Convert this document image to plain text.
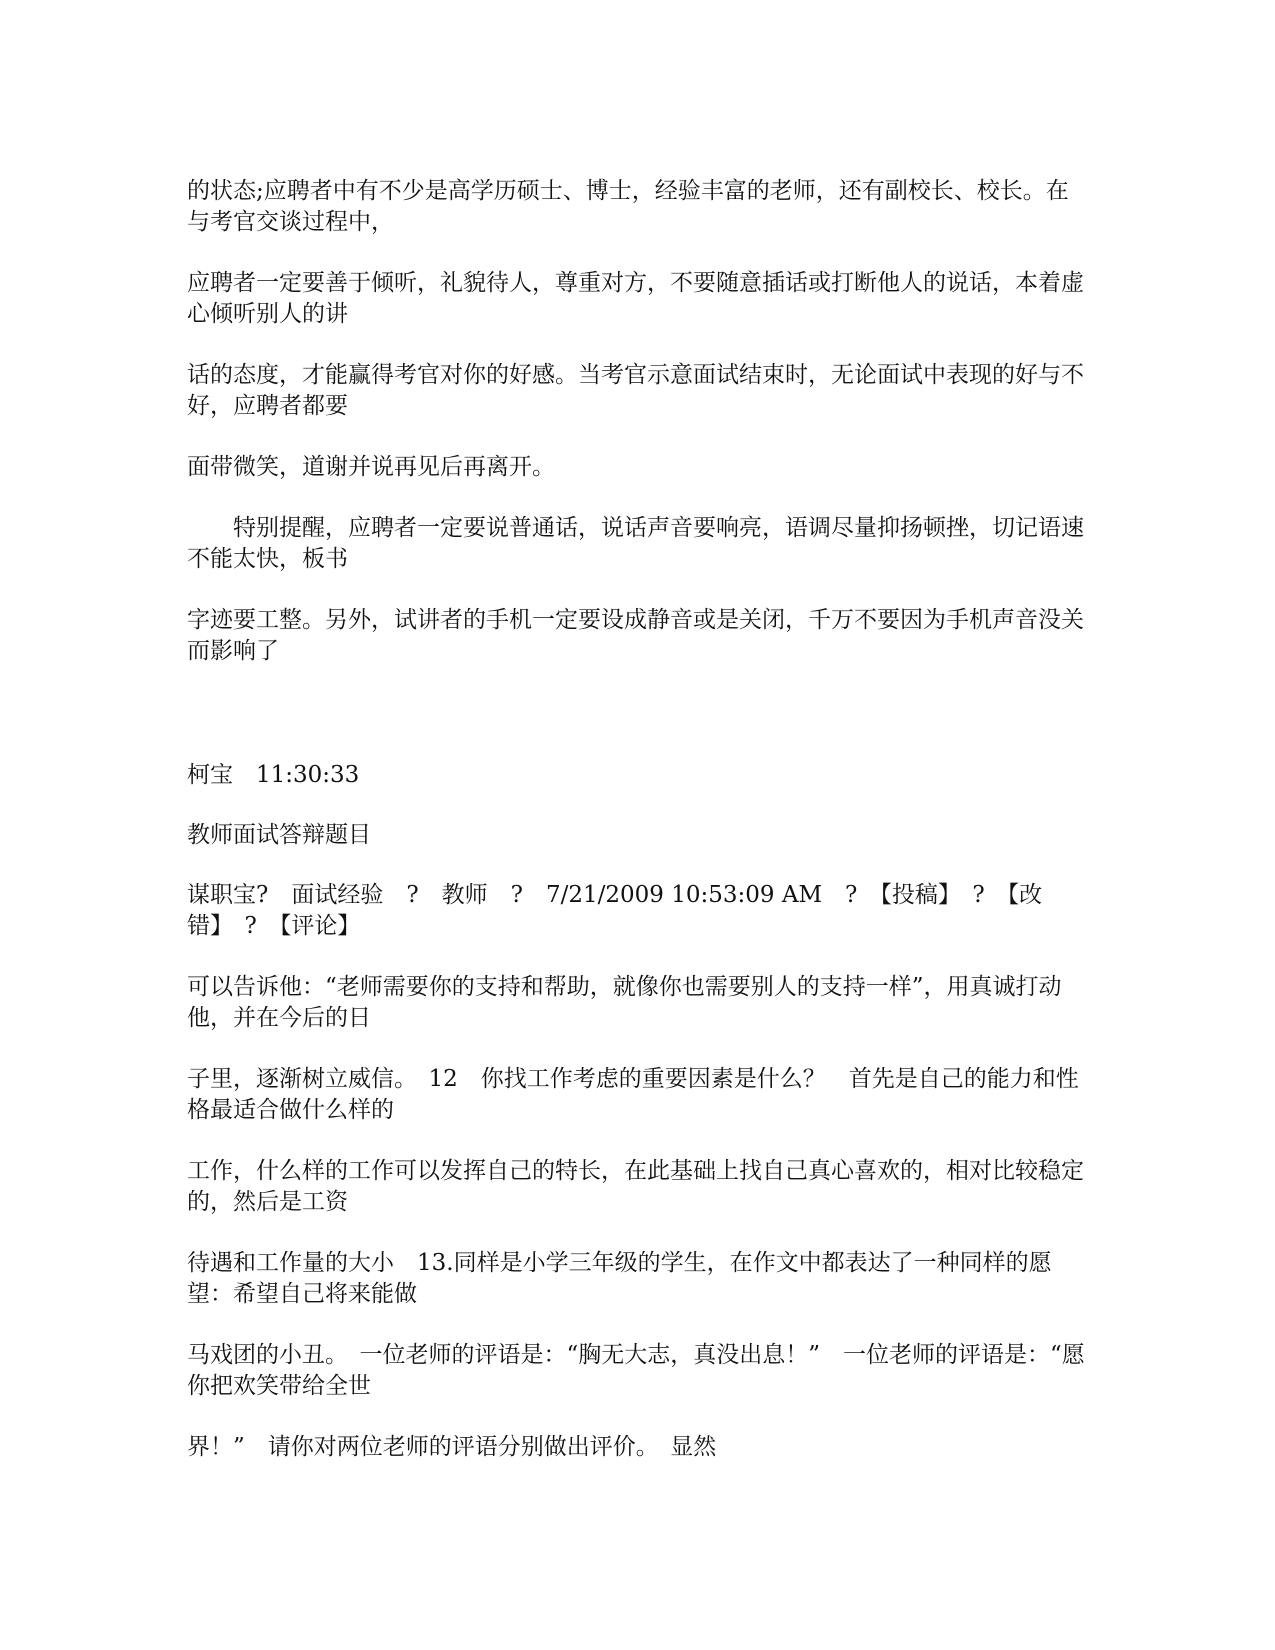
的状态;应聘者中有不少是高学历硕士、博士，经验丰富的老师，还有副校长、校长。在与考官交谈过程中，

应聘者一定要善于倾听，礼貌待人，尊重对方，不要随意插话或打断他人的说话，本着虚心倾听别人的讲

话的态度，才能赢得考官对你的好感。当考官示意面试结束时，无论面试中表现的好与不好，应聘者都要

面带微笑，道谢并说再见后再离开。

特别提醒，应聘者一定要说普通话，说话声音要响亮，语调尽量抑扬顿挫，切记语速不能太快，板书

字迹要工整。另外，试讲者的手机一定要设成静音或是关闭，千万不要因为手机声音没关而影响了

柯宝　11:30:33

教师面试答辩题目

谋职宝?　面试经验　?　教师　?　7/21/2009 10:53:09 AM　?　【投稿】　?　【改错】　?　【评论】

可以告诉他：“老师需要你的支持和帮助，就像你也需要别人的支持一样”，用真诚打动他，并在今后的日

子里，逐渐树立威信。　12　你找工作考虑的重要因素是什么？　首先是自己的能力和性格最适合做什么样的

工作，什么样的工作可以发挥自己的特长，在此基础上找自己真心喜欢的，相对比较稳定的，然后是工资

待遇和工作量的大小　13.同样是小学三年级的学生，在作文中都表达了一种同样的愿望：希望自己将来能做

马戏团的小丑。　一位老师的评语是：“胸无大志，真没出息！”　一位老师的评语是：“愿你把欢笑带给全世

界！”　请你对两位老师的评语分别做出评价。　显然
